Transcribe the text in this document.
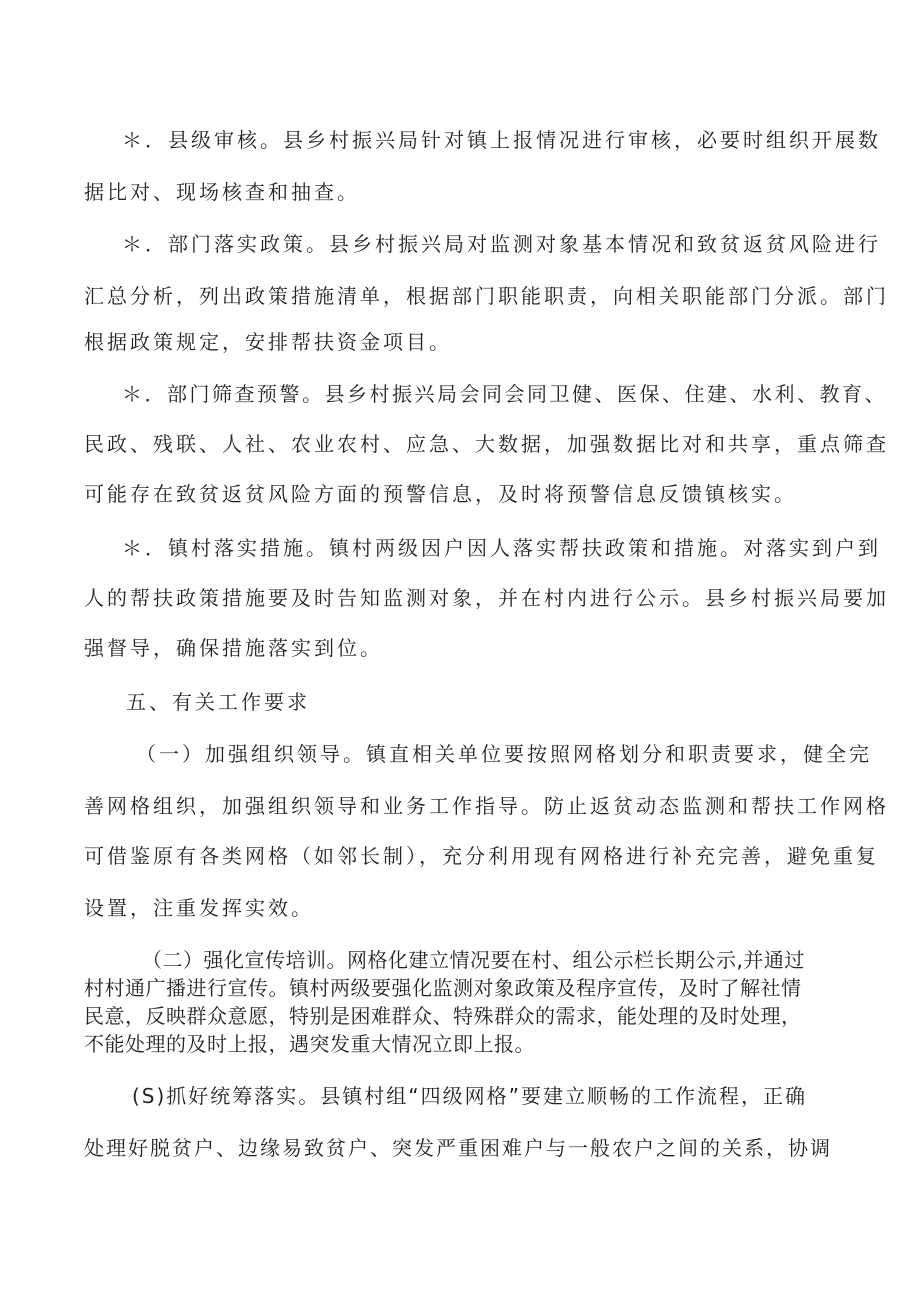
＊．县级审核。县乡村振兴局针对镇上报情况进行审核，必要时组织开展数
据比对、现场核查和抽查。
＊．部门落实政策。县乡村振兴局对监测对象基本情况和致贫返贫风险进行
汇总分析，列出政策措施清单，根据部门职能职责，向相关职能部门分派。部门
根据政策规定，安排帮扶资金项目。
＊．部门筛查预警。县乡村振兴局会同会同卫健、医保、住建、水利、教育、
民政、残联、人社、农业农村、应急、大数据，加强数据比对和共享，重点筛查
可能存在致贫返贫风险方面的预警信息，及时将预警信息反馈镇核实。
＊．镇村落实措施。镇村两级因户因人落实帮扶政策和措施。对落实到户到
人的帮扶政策措施要及时告知监测对象，并在村内进行公示。县乡村振兴局要加
强督导，确保措施落实到位。
五、有关工作要求
（一）加强组织领导。镇直相关单位要按照网格划分和职责要求，健全完
善网格组织，加强组织领导和业务工作指导。防止返贫动态监测和帮扶工作网格
可借鉴原有各类网格（如邻长制），充分利用现有网格进行补充完善，避免重复
设置，注重发挥实效。
（二）强化宣传培训。网格化建立情况要在村、组公示栏长期公示,并通过
村村通广播进行宣传。镇村两级要强化监测对象政策及程序宣传，及时了解社情
民意，反映群众意愿，特别是困难群众、特殊群众的需求，能处理的及时处理，
不能处理的及时上报，遇突发重大情况立即上报。
(S)抓好统筹落实。县镇村组“四级网格”要建立顺畅的工作流程，正确
处理好脱贫户、边缘易致贫户、突发严重困难户与一般农户之间的关系，协调
